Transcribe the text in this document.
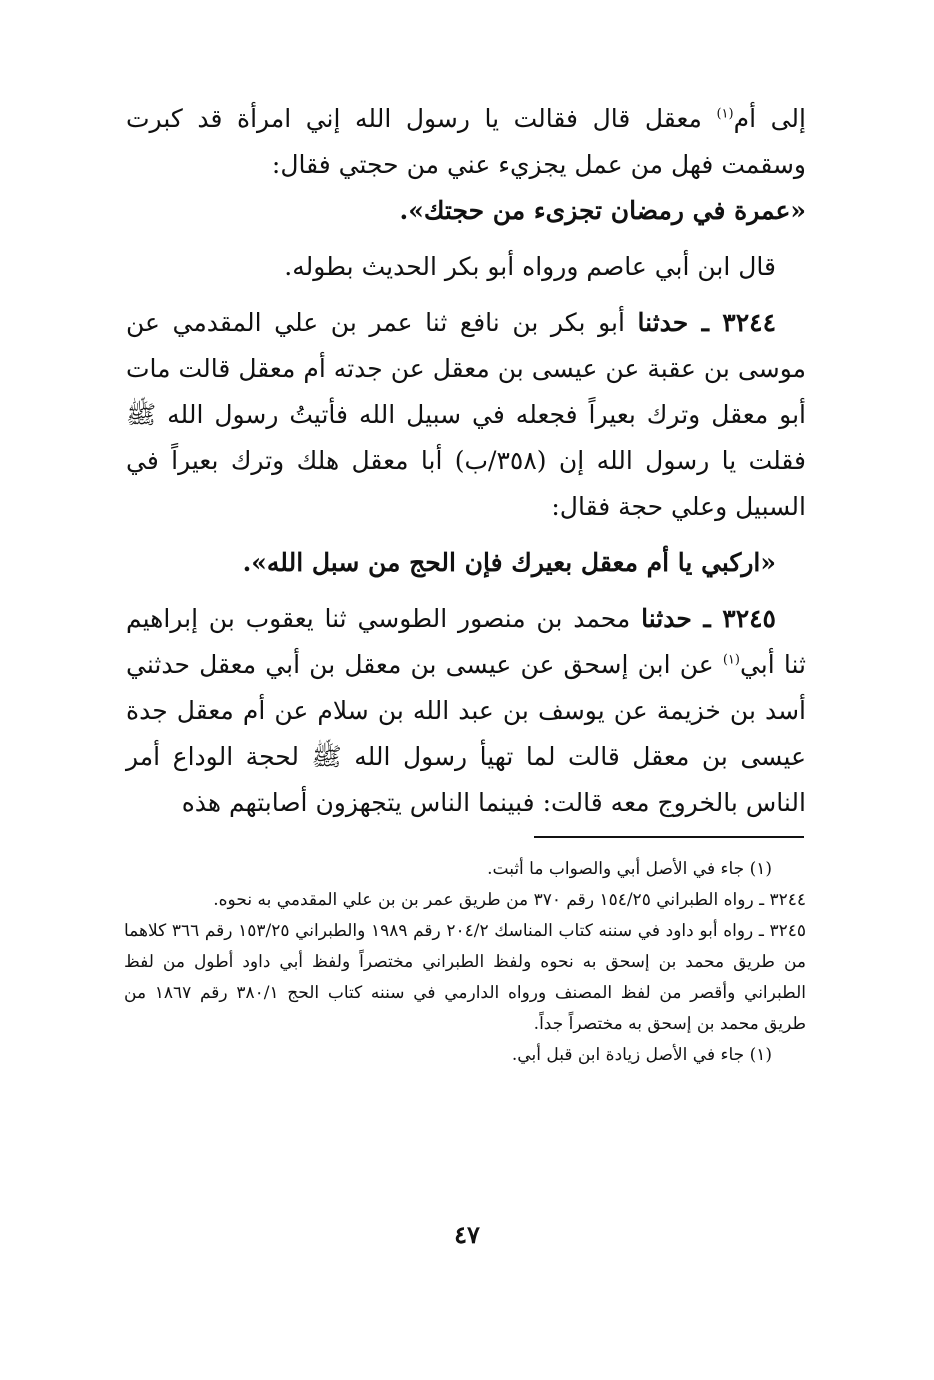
إلى أم$^{(١)}$ معقل قال فقالت يا رسول الله إني امرأة قد كبرت وسقمت فهل من عمل يجزيء عني من حجتي فقال:

«عمرة في رمضان تجزىء من حجتك».

قال ابن أبي عاصم ورواه أبو بكر الحديث بطوله.

٣٢٤٤ ـ حدثنا أبو بكر بن نافع ثنا عمر بن علي المقدمي عن موسى بن عقبة عن عيسى بن معقل عن جدته أم معقل قالت مات أبو معقل وترك بعيراً فجعله في سبيل الله فأتيتُ رسول الله ﷺ فقلت يا رسول الله إن (٣٥٨/ب) أبا معقل هلك وترك بعيراً في السبيل وعلي حجة فقال:

«اركبي يا أم معقل بعيرك فإن الحج من سبل الله».

٣٢٤٥ ـ حدثنا محمد بن منصور الطوسي ثنا يعقوب بن إبراهيم ثنا أبي$^{(١)}$ عن ابن إسحق عن عيسى بن معقل بن أبي معقل حدثني أسد بن خزيمة عن يوسف بن عبد الله بن سلام عن أم معقل جدة عيسى بن معقل قالت لما تهيأ رسول الله ﷺ لحجة الوداع أمر الناس بالخروج معه قالت: فبينما الناس يتجهزون أصابتهم هذه

(١) جاء في الأصل أبي والصواب ما أثبت.

٣٢٤٤ ـ رواه الطبراني ١٥٤/٢٥ رقم ٣٧٠ من طريق عمر بن بن علي المقدمي به نحوه.

٣٢٤٥ ـ رواه أبو داود في سننه كتاب المناسك ٢٠٤/٢ رقم ١٩٨٩ والطبراني ١٥٣/٢٥ رقم ٣٦٦ كلاهما من طريق محمد بن إسحق به نحوه ولفظ الطبراني مختصراً ولفظ أبي داود أطول من لفظ الطبراني وأقصر من لفظ المصنف ورواه الدارمي في سننه كتاب الحج ٣٨٠/١ رقم ١٨٦٧ من طريق محمد بن إسحق به مختصراً جداً.

(١) جاء في الأصل زيادة ابن قبل أبي.

٤٧
